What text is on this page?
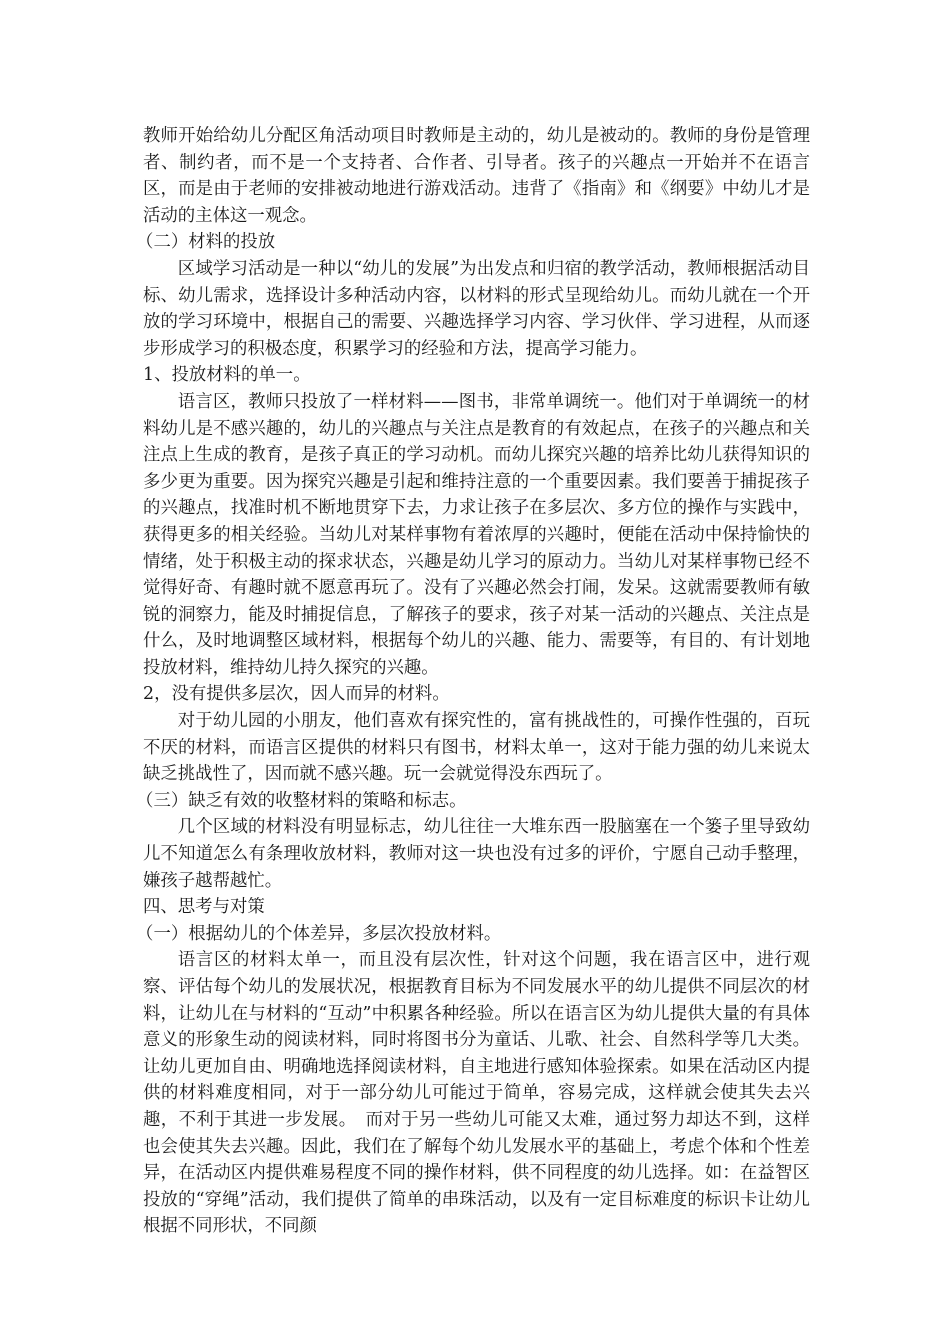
教师开始给幼儿分配区角活动项目时教师是主动的，幼儿是被动的。教师的身份是管理者、制约者，而不是一个支持者、合作者、引导者。孩子的兴趣点一开始并不在语言区，而是由于老师的安排被动地进行游戏活动。违背了《指南》和《纲要》中幼儿才是活动的主体这一观念。

（二）材料的投放

区域学习活动是一种以“幼儿的发展”为出发点和归宿的教学活动，教师根据活动目标、幼儿需求，选择设计多种活动内容，以材料的形式呈现给幼儿。而幼儿就在一个开放的学习环境中，根据自己的需要、兴趣选择学习内容、学习伙伴、学习进程，从而逐步形成学习的积极态度，积累学习的经验和方法，提高学习能力。

1、投放材料的单一。

语言区，教师只投放了一样材料——图书，非常单调统一。他们对于单调统一的材料幼儿是不感兴趣的，幼儿的兴趣点与关注点是教育的有效起点，在孩子的兴趣点和关注点上生成的教育，是孩子真正的学习动机。而幼儿探究兴趣的培养比幼儿获得知识的多少更为重要。因为探究兴趣是引起和维持注意的一个重要因素。我们要善于捕捉孩子的兴趣点，找准时机不断地贯穿下去，力求让孩子在多层次、多方位的操作与实践中，获得更多的相关经验。当幼儿对某样事物有着浓厚的兴趣时，便能在活动中保持愉快的情绪，处于积极主动的探求状态，兴趣是幼儿学习的原动力。当幼儿对某样事物已经不觉得好奇、有趣时就不愿意再玩了。没有了兴趣必然会打闹，发呆。这就需要教师有敏锐的洞察力，能及时捕捉信息，了解孩子的要求，孩子对某一活动的兴趣点、关注点是什么，及时地调整区域材料，根据每个幼儿的兴趣、能力、需要等，有目的、有计划地投放材料，维持幼儿持久探究的兴趣。

2，没有提供多层次，因人而异的材料。

对于幼儿园的小朋友，他们喜欢有探究性的，富有挑战性的，可操作性强的，百玩不厌的材料，而语言区提供的材料只有图书，材料太单一，这对于能力强的幼儿来说太缺乏挑战性了，因而就不感兴趣。玩一会就觉得没东西玩了。

（三）缺乏有效的收整材料的策略和标志。

几个区域的材料没有明显标志，幼儿往往一大堆东西一股脑塞在一个篓子里导致幼儿不知道怎么有条理收放材料，教师对这一块也没有过多的评价，宁愿自己动手整理，嫌孩子越帮越忙。

四、思考与对策

（一）根据幼儿的个体差异，多层次投放材料。

语言区的材料太单一，而且没有层次性，针对这个问题，我在语言区中，进行观察、评估每个幼儿的发展状况，根据教育目标为不同发展水平的幼儿提供不同层次的材料，让幼儿在与材料的“互动”中积累各种经验。所以在语言区为幼儿提供大量的有具体意义的形象生动的阅读材料，同时将图书分为童话、儿歌、社会、自然科学等几大类。让幼儿更加自由、明确地选择阅读材料，自主地进行感知体验探索。如果在活动区内提供的材料难度相同，对于一部分幼儿可能过于简单，容易完成，这样就会使其失去兴趣，不利于其进一步发展。　而对于另一些幼儿可能又太难，通过努力却达不到，这样也会使其失去兴趣。因此，我们在了解每个幼儿发展水平的基础上，考虑个体和个性差异，在活动区内提供难易程度不同的操作材料，供不同程度的幼儿选择。如：在益智区投放的“穿绳”活动，我们提供了简单的串珠活动，以及有一定目标难度的标识卡让幼儿根据不同形状，不同颜
